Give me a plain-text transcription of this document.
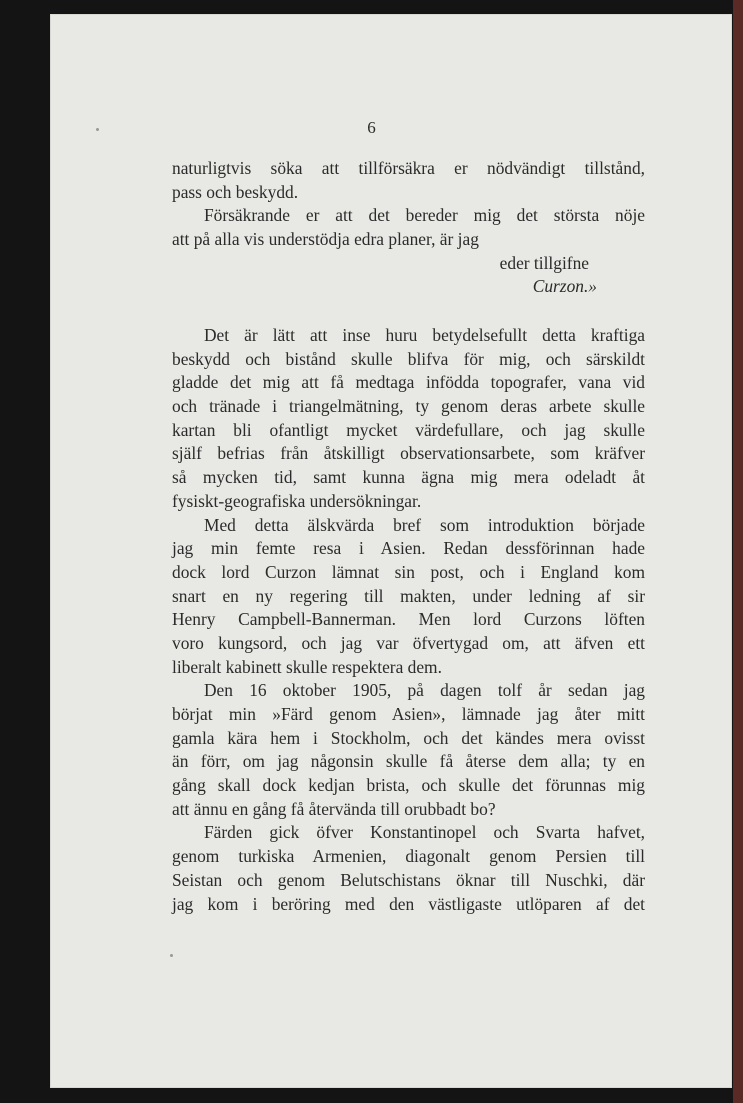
6
naturligtvis söka att tillförsäkra er nödvändigt tillstånd,
pass och beskydd.
Försäkrande er att det bereder mig det största nöje
att på alla vis understödja edra planer, är jag
eder tillgifne
Curzon.»
Det är lätt att inse huru betydelsefullt detta kraftiga
beskydd och bistånd skulle blifva för mig, och särskildt
gladde det mig att få medtaga infödda topografer, vana vid
och tränade i triangelmätning, ty genom deras arbete skulle
kartan bli ofantligt mycket värdefullare, och jag skulle
själf befrias från åtskilligt observationsarbete, som kräfver
så mycken tid, samt kunna ägna mig mera odeladt åt
fysiskt-geografiska undersökningar.
Med detta älskvärda bref som introduktion började
jag min femte resa i Asien. Redan dessförinnan hade
dock lord Curzon lämnat sin post, och i England kom
snart en ny regering till makten, under ledning af sir
Henry Campbell-Bannerman. Men lord Curzons löften
voro kungsord, och jag var öfvertygad om, att äfven ett
liberalt kabinett skulle respektera dem.
Den 16 oktober 1905, på dagen tolf år sedan jag
börjat min »Färd genom Asien», lämnade jag åter mitt
gamla kära hem i Stockholm, och det kändes mera ovisst
än förr, om jag någonsin skulle få återse dem alla; ty en
gång skall dock kedjan brista, och skulle det förunnas mig
att ännu en gång få återvända till orubbadt bo?
Färden gick öfver Konstantinopel och Svarta hafvet,
genom turkiska Armenien, diagonalt genom Persien till
Seistan och genom Belutschistans öknar till Nuschki, där
jag kom i beröring med den västligaste utlöparen af det
